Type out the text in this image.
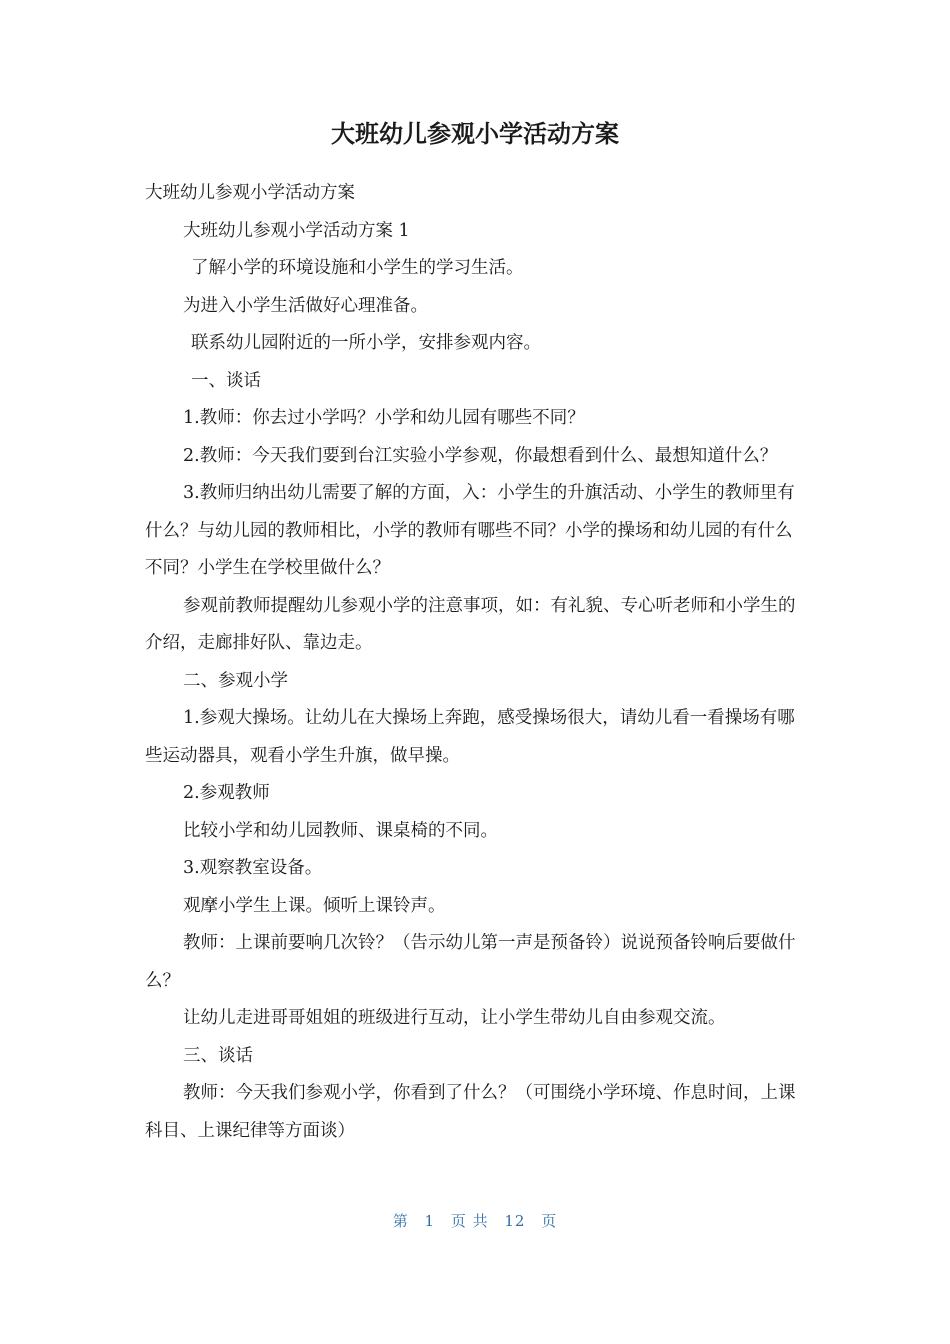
大班幼儿参观小学活动方案

大班幼儿参观小学活动方案

大班幼儿参观小学活动方案 1

了解小学的环境设施和小学生的学习生活。

为进入小学生活做好心理准备。

联系幼儿园附近的一所小学，安排参观内容。

一、谈话

1.教师：你去过小学吗？小学和幼儿园有哪些不同？

2.教师：今天我们要到台江实验小学参观，你最想看到什么、最想知道什么？

3.教师归纳出幼儿需要了解的方面，入：小学生的升旗活动、小学生的教师里有什么？与幼儿园的教师相比，小学的教师有哪些不同？小学的操场和幼儿园的有什么不同？小学生在学校里做什么？

参观前教师提醒幼儿参观小学的注意事项，如：有礼貌、专心听老师和小学生的介绍，走廊排好队、靠边走。

二、参观小学

1.参观大操场。让幼儿在大操场上奔跑，感受操场很大，请幼儿看一看操场有哪些运动器具，观看小学生升旗，做早操。

2.参观教师

比较小学和幼儿园教师、课桌椅的不同。

3.观察教室设备。

观摩小学生上课。倾听上课铃声。

教师：上课前要响几次铃？（告示幼儿第一声是预备铃）说说预备铃响后要做什么？

让幼儿走进哥哥姐姐的班级进行互动，让小学生带幼儿自由参观交流。

三、谈话

教师：今天我们参观小学，你看到了什么？（可围绕小学环境、作息时间，上课科目、上课纪律等方面谈）

第 1 页 共 12 页
